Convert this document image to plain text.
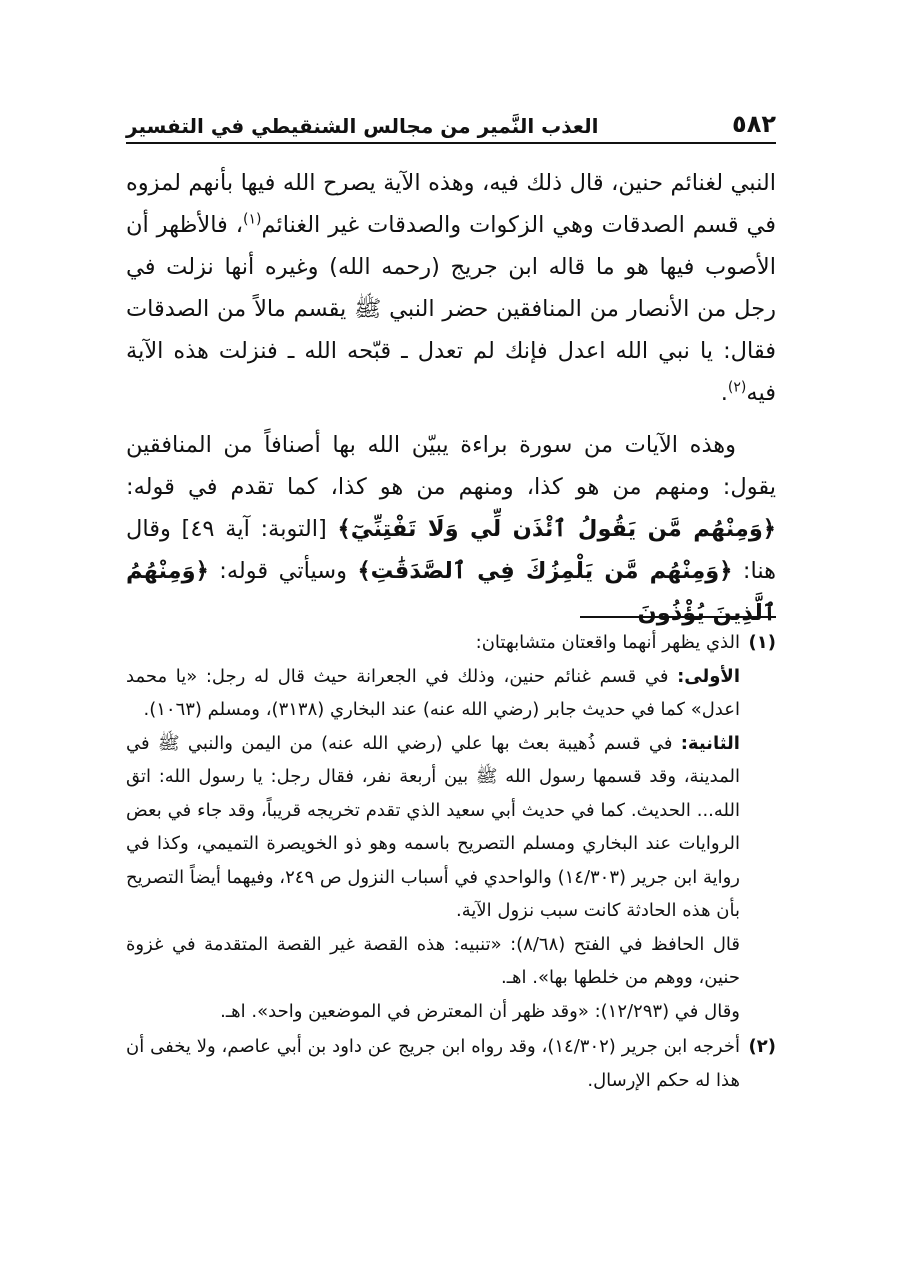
٥٨٢
العذب النَّمير من مجالس الشنقيطي في التفسير

النبي لغنائم حنين، قال ذلك فيه، وهذه الآية يصرح الله فيها بأنهم لمزوه في قسم الصدقات وهي الزكوات والصدقات غير الغنائم$^{(١)}$، فالأظهر أن الأصوب فيها هو ما قاله ابن جريج (رحمه الله) وغيره أنها نزلت في رجل من الأنصار من المنافقين حضر النبي ﷺ يقسم مالاً من الصدقات فقال: يا نبي الله اعدل فإنك لم تعدل ـ قبّحه الله ـ فنزلت هذه الآية فيه$^{(٢)}$.

وهذه الآيات من سورة براءة يبيّن الله بها أصنافاً من المنافقين يقول: ومنهم من هو كذا، ومنهم من هو كذا، كما تقدم في قوله: ﴿وَمِنْهُم مَّن يَقُولُ ٱئْذَن لِّي وَلَا تَفْتِنِّيٓ﴾ [التوبة: آية ٤٩] وقال هنا: ﴿وَمِنْهُم مَّن يَلْمِزُكَ فِي ٱلصَّدَقَٰتِ﴾ وسيأتي قوله: ﴿وَمِنْهُمُ ٱلَّذِينَ يُؤْذُونَ

(١)

الذي يظهر أنهما واقعتان متشابهتان:

الأولى: في قسم غنائم حنين، وذلك في الجعرانة حيث قال له رجل: «يا محمد اعدل» كما في حديث جابر (رضي الله عنه) عند البخاري (٣١٣٨)، ومسلم (١٠٦٣).

الثانية: في قسم ذُهيبة بعث بها علي (رضي الله عنه) من اليمن والنبي ﷺ في المدينة، وقد قسمها رسول الله ﷺ بين أربعة نفر، فقال رجل: يا رسول الله: اتق الله... الحديث. كما في حديث أبي سعيد الذي تقدم تخريجه قريباً، وقد جاء في بعض الروايات عند البخاري ومسلم التصريح باسمه وهو ذو الخويصرة التميمي، وكذا في رواية ابن جرير (١٤/٣٠٣) والواحدي في أسباب النزول ص ٢٤٩، وفيهما أيضاً التصريح بأن هذه الحادثة كانت سبب نزول الآية.

قال الحافظ في الفتح (٨/٦٨): «تنبيه: هذه القصة غير القصة المتقدمة في غزوة حنين، ووهم من خلطها بها». اهـ.

وقال في (١٢/٢٩٣): «وقد ظهر أن المعترض في الموضعين واحد». اهـ.

(٢)

أخرجه ابن جرير (١٤/٣٠٢)، وقد رواه ابن جريج عن داود بن أبي عاصم، ولا يخفى أن هذا له حكم الإرسال.
